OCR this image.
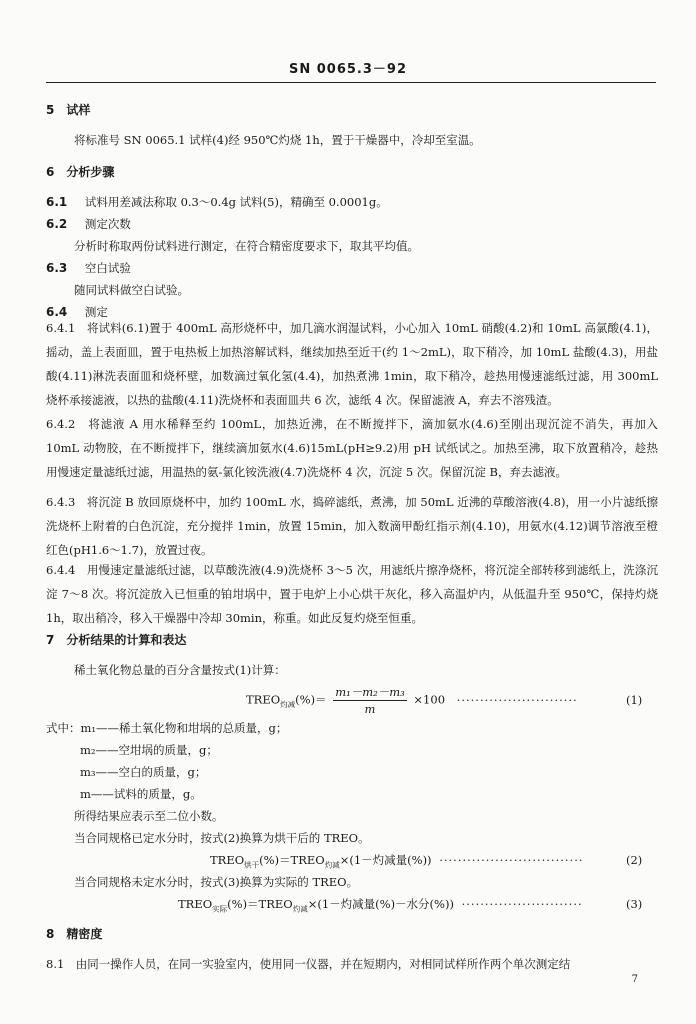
SN 0065.3－92
5　试样
将标准号 SN 0065.1 试样(4)经 950℃灼烧 1h，置于干燥器中，冷却至室温。
6　分析步骤
6.1 试料用差减法称取 0.3～0.4g 试料(5)，精确至 0.0001g。
6.2 测定次数
分析时称取两份试料进行测定，在符合精密度要求下，取其平均值。
6.3 空白试验
随同试料做空白试验。
6.4 测定
6.4.1　将试料(6.1)置于 400mL 高形烧杯中，加几滴水润湿试料，小心加入 10mL 硝酸(4.2)和 10mL 高氯酸(4.1)，摇动，盖上表面皿，置于电热板上加热溶解试料，继续加热至近干(约 1～2mL)，取下稍冷，加 10mL 盐酸(4.3)，用盐酸(4.11)淋洗表面皿和烧杯壁，加数滴过氧化氢(4.4)，加热煮沸 1min，取下稍冷，趁热用慢速滤纸过滤，用 300mL 烧杯承接滤液，以热的盐酸(4.11)洗烧杯和表面皿共 6 次，滤纸 4 次。保留滤液 A，弃去不溶残渣。
6.4.2　将滤液 A 用水稀释至约 100mL，加热近沸，在不断搅拌下，滴加氨水(4.6)至刚出现沉淀不消失，再加入 10mL 动物胶，在不断搅拌下，继续滴加氨水(4.6)15mL(pH≥9.2)用 pH 试纸试之。加热至沸，取下放置稍冷，趁热用慢速定量滤纸过滤，用温热的氨-氯化铵洗液(4.7)洗烧杯 4 次，沉淀 5 次。保留沉淀 B，弃去滤液。
6.4.3　将沉淀 B 放回原烧杯中，加约 100mL 水，捣碎滤纸，煮沸，加 50mL 近沸的草酸溶液(4.8)，用一小片滤纸擦洗烧杯上附着的白色沉淀，充分搅拌 1min，放置 15min，加入数滴甲酚红指示剂(4.10)，用氨水(4.12)调节溶液至橙红色(pH1.6～1.7)，放置过夜。
6.4.4　用慢速定量滤纸过滤，以草酸洗液(4.9)洗烧杯 3～5 次，用滤纸片擦净烧杯，将沉淀全部转移到滤纸上，洗涤沉淀 7～8 次。将沉淀放入已恒重的铂坩埚中，置于电炉上小心烘干灰化，移入高温炉内，从低温升至 950℃，保持灼烧 1h，取出稍冷，移入干燥器中冷却 30min，称重。如此反复灼烧至恒重。
7　分析结果的计算和表达
稀土氧化物总量的百分含量按式(1)计算：
$TREO_{灼减}(\%)= \frac{\text{m₁－m₂－m₃}}{m} \times 100$ ··························	(1)
式中：m₁——稀土氧化物和坩埚的总质量，g；
m₂——空坩埚的质量，g；
m₃——空白的质量，g；
m——试料的质量，g。
所得结果应表示至二位小数。
当合同规格已定水分时，按式(2)换算为烘干后的 TREO。
$TREO_{烘干}(\%)=TREO_{灼减}\times(1-$灼减量(%)) ·······························	(2)
当合同规格未定水分时，按式(3)换算为实际的 TREO。
$TREO_{实际}(\%)=TREO_{灼减}\times(1-$灼减量(%)－水分(%)) ··························	(3)
8　精密度
8.1　由同一操作人员，在同一实验室内，使用同一仪器，并在短期内，对相同试样所作两个单次测定结
7
